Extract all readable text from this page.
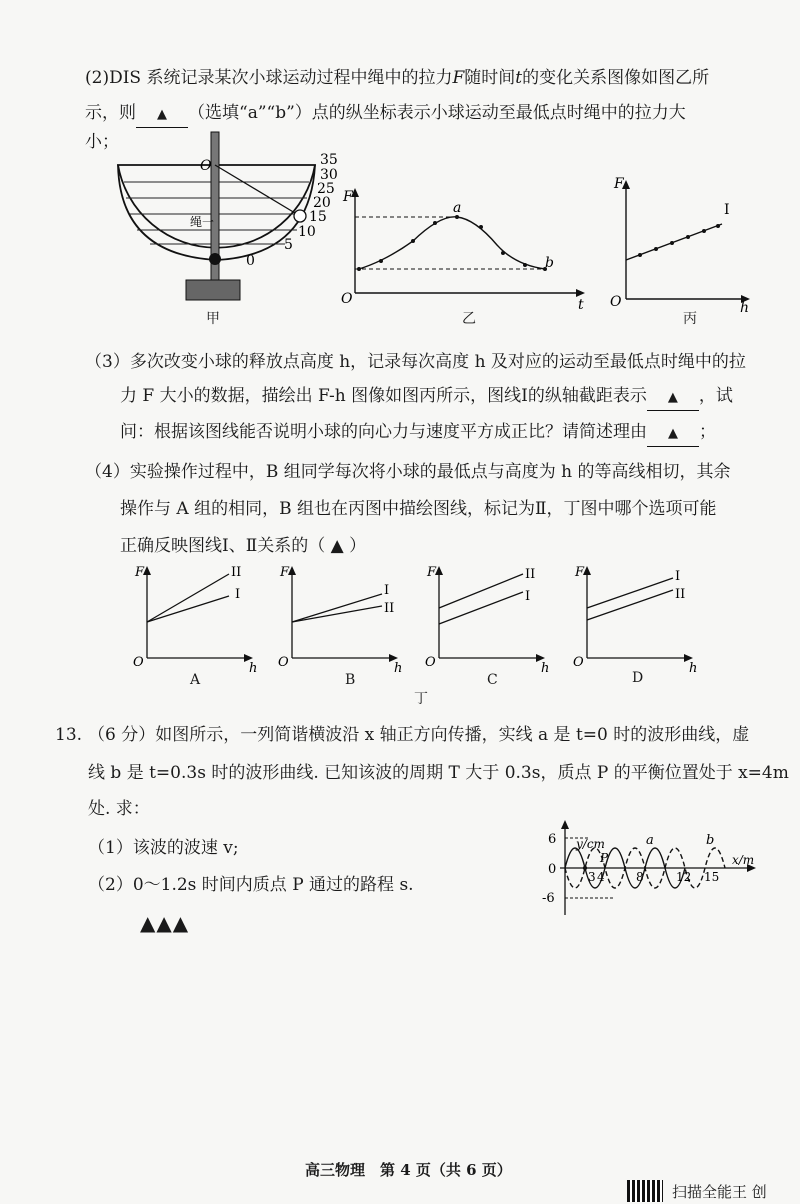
(2)DIS 系统记录某次小球运动过程中绳中的拉力F随时间t的变化关系图像如图乙所
示，则 ▲ （选填“a”“b”）点的纵坐标表示小球运动至最低点时绳中的拉力大
小；
O
绳一
35
30
25
20
15
10
5
0
甲
F
t
O
a
b
乙
F
h
O
I
丙
（3）多次改变小球的释放点高度 h，记录每次高度 h 及对应的运动至最低点时绳中的拉
力 F 大小的数据，描绘出 F-h 图像如图丙所示，图线Ⅰ的纵轴截距表示 ▲ ，试
问：根据该图线能否说明小球的向心力与速度平方成正比？请简述理由 ▲ ；
（4）实验操作过程中，B 组同学每次将小球的最低点与高度为 h 的等高线相切，其余
操作与 A 组的相同，B 组也在丙图中描绘图线，标记为Ⅱ，丁图中哪个选项可能
正确反映图线Ⅰ、Ⅱ关系的（ ▲ ）
F
h
O
II
I
F
h
O
I
II
F
h
O
II
I
F
h
O
I
II
A	B	C	D
丁
13. （6 分）如图所示，一列简谐横波沿 x 轴正方向传播，实线 a 是 t=0 时的波形曲线，虚
线 b 是 t=0.3s 时的波形曲线. 已知该波的周期 T 大于 0.3s，质点 P 的平衡位置处于 x=4m
处. 求：
（1）该波的波速 v;
（2）0～1.2s 时间内质点 P 通过的路程 s.
▲▲▲
y/cm
x/m
6
0
-6
3 4	8	12 15
P
a	b
高三物理　第 4 页（共 6 页）
扫描全能王 创
